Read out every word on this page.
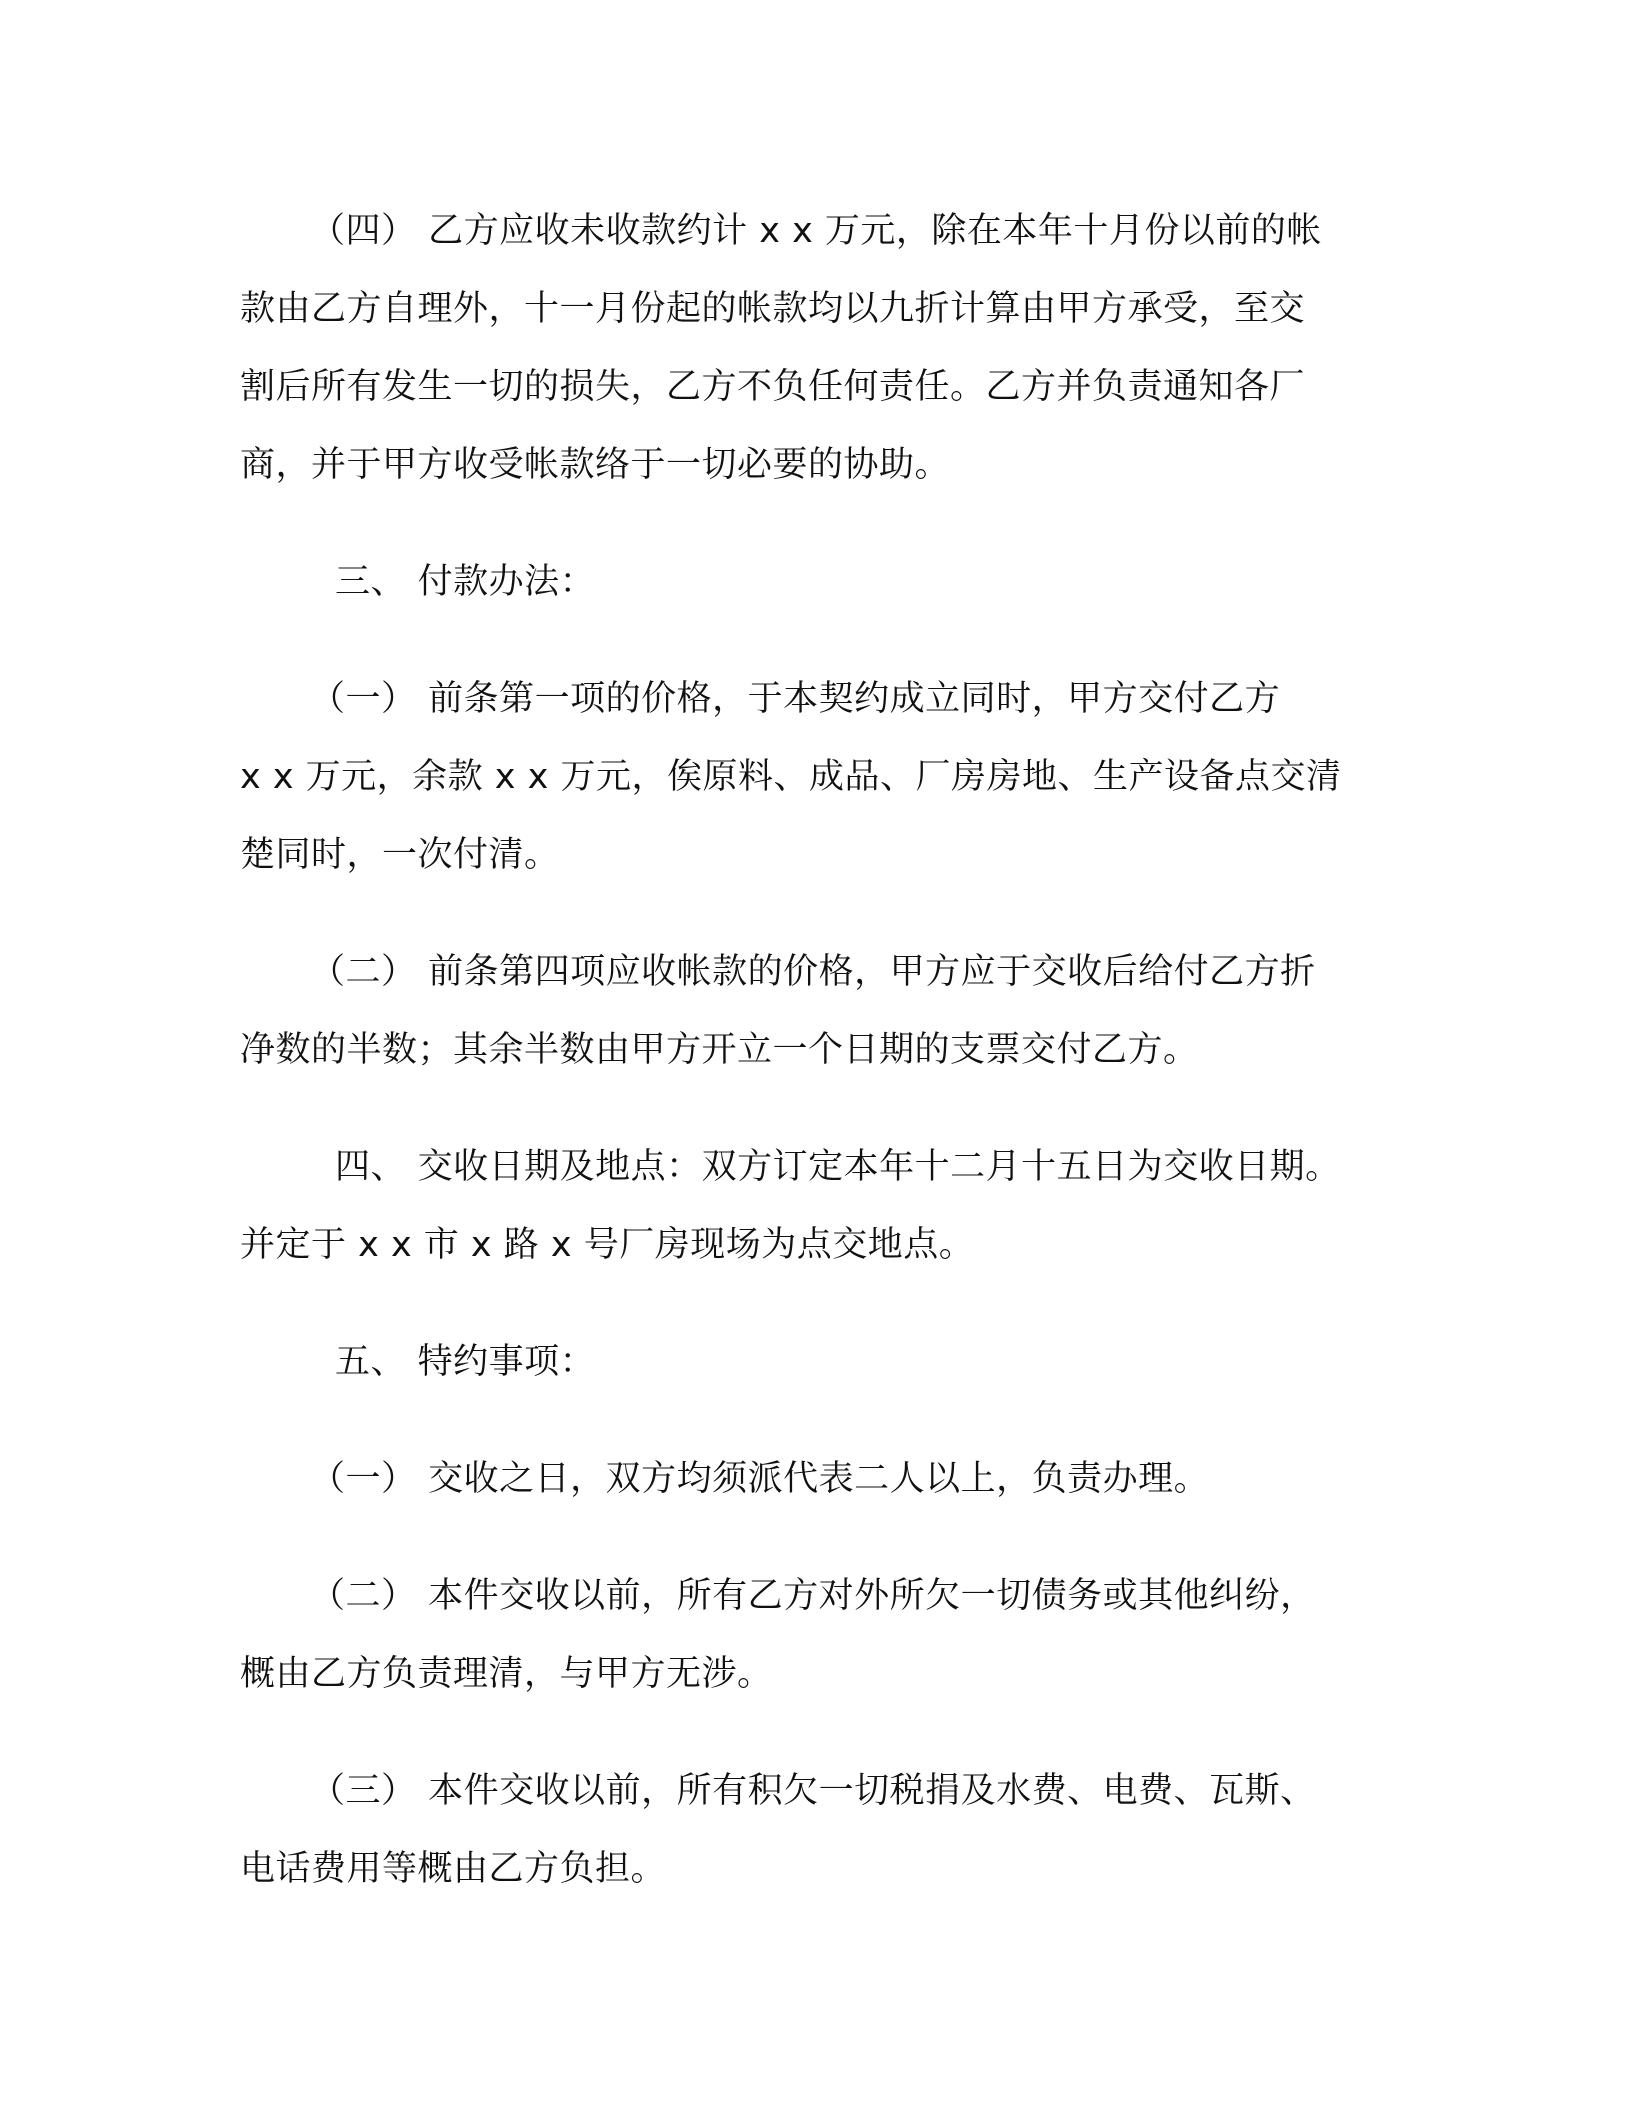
（四） 乙方应收未收款约计 x x 万元，除在本年十月份以前的帐
款由乙方自理外，十一月份起的帐款均以九折计算由甲方承受，至交
割后所有发生一切的损失，乙方不负任何责任。乙方并负责通知各厂
商，并于甲方收受帐款络于一切必要的协助。

三、 付款办法：

（一） 前条第一项的价格，于本契约成立同时，甲方交付乙方
x x 万元，余款 x x 万元，俟原料、成品、厂房房地、生产设备点交清
楚同时，一次付清。

（二） 前条第四项应收帐款的价格，甲方应于交收后给付乙方折
净数的半数；其余半数由甲方开立一个日期的支票交付乙方。

四、 交收日期及地点：双方订定本年十二月十五日为交收日期。
并定于 x x 市 x 路 x 号厂房现场为点交地点。

五、 特约事项：

（一） 交收之日，双方均须派代表二人以上，负责办理。

（二） 本件交收以前，所有乙方对外所欠一切债务或其他纠纷，
概由乙方负责理清，与甲方无涉。

（三） 本件交收以前，所有积欠一切税捐及水费、电费、瓦斯、
电话费用等概由乙方负担。
